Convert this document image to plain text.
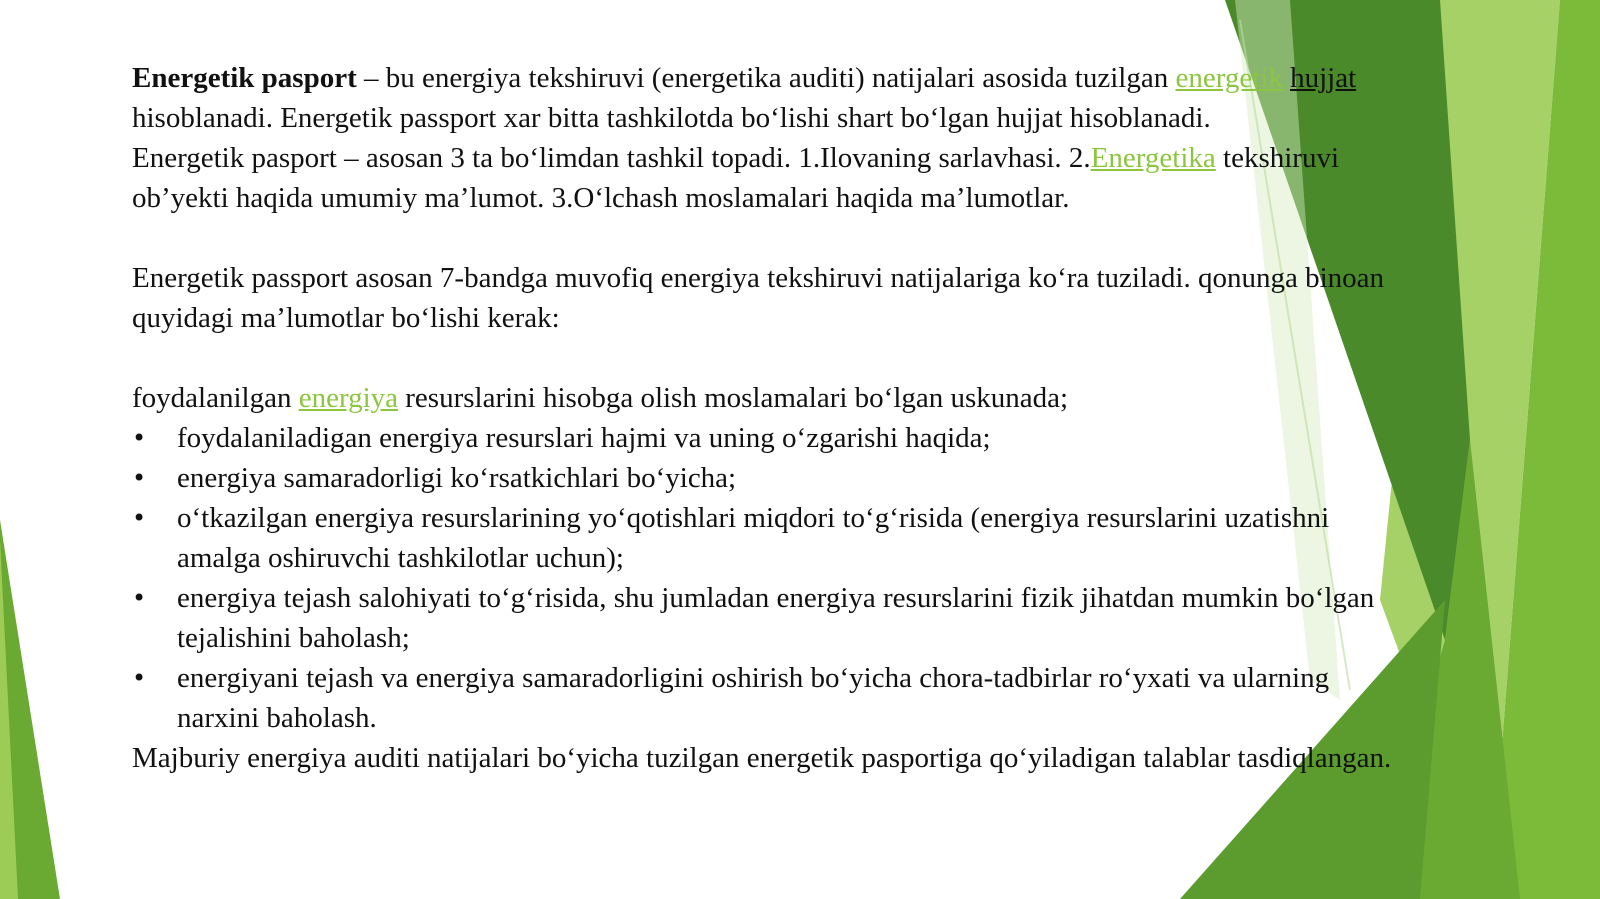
Energetik pasport – bu energiya tekshiruvi (energetika auditi) natijalari asosida tuzilgan energetik hujjat hisoblanadi. Energetik passport xar bitta tashkilotda bo‘lishi shart bo‘lgan hujjat hisoblanadi.

Energetik pasport – asosan 3 ta bo‘limdan tashkil topadi. 1.Ilovaning sarlavhasi. 2.Energetika tekshiruvi ob’yekti haqida umumiy ma’lumot. 3.O‘lchash moslamalari haqida ma’lumotlar.

Energetik passport asosan 7-bandga muvofiq energiya tekshiruvi natijalariga ko‘ra tuziladi. qonunga binoan quyidagi ma’lumotlar bo‘lishi kerak:

foydalanilgan energiya resurslarini hisobga olish moslamalari bo‘lgan uskunada;

• foydalaniladigan energiya resurslari hajmi va uning o‘zgarishi haqida;
• energiya samaradorligi ko‘rsatkichlari bo‘yicha;
• o‘tkazilgan energiya resurslarining yo‘qotishlari miqdori to‘g‘risida (energiya resurslarini uzatishni amalga oshiruvchi tashkilotlar uchun);
• energiya tejash salohiyati to‘g‘risida, shu jumladan energiya resurslarini fizik jihatdan mumkin bo‘lgan tejalishini baholash;
• energiyani tejash va energiya samaradorligini oshirish bo‘yicha chora-tadbirlar ro‘yxati va ularning narxini baholash.

Majburiy energiya auditi natijalari bo‘yicha tuzilgan energetik pasportiga qo‘yiladigan talablar tasdiqlangan.
